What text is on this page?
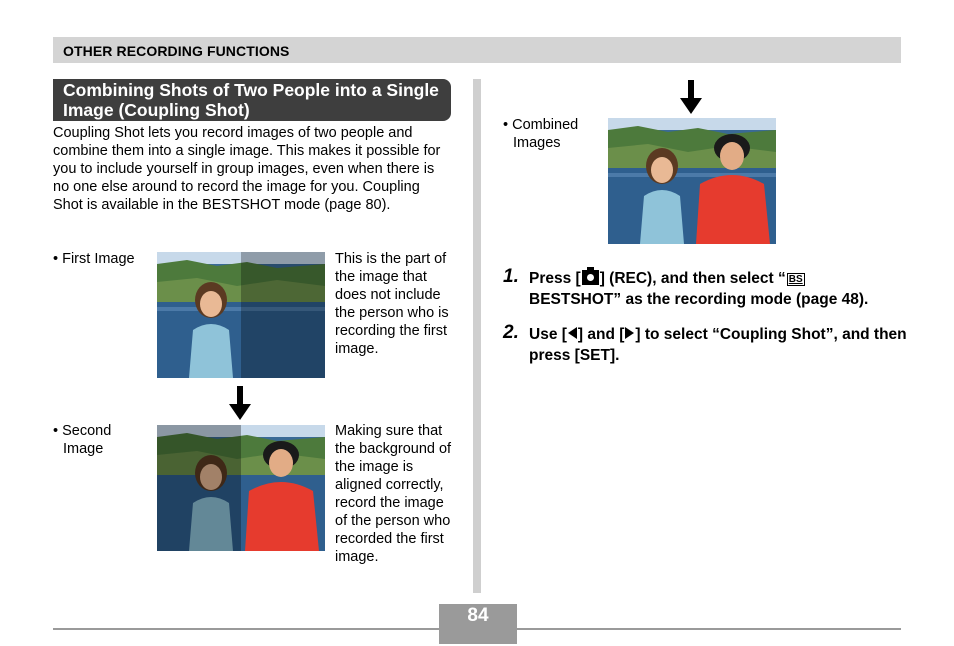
OTHER RECORDING FUNCTIONS
Combining Shots of Two People into a Single Image (Coupling Shot)
Coupling Shot lets you record images of two people and combine them into a single image. This makes it possible for you to include yourself in group images, even when there is no one else around to record the image for you. Coupling Shot is available in the BESTSHOT mode (page 80).
• First Image	This is the part of the image that does not include the person who is recording the first image.
• Second
Image
Making sure that the background of the image is aligned correctly, record the image of the person who recorded the first image.
• Combined
Images
1. Press [ ] (REC), and then select “ BS
BESTSHOT” as the recording mode (page 48).
2. Use [ ] and [ ] to select “Coupling Shot”, and then press [SET].
84
